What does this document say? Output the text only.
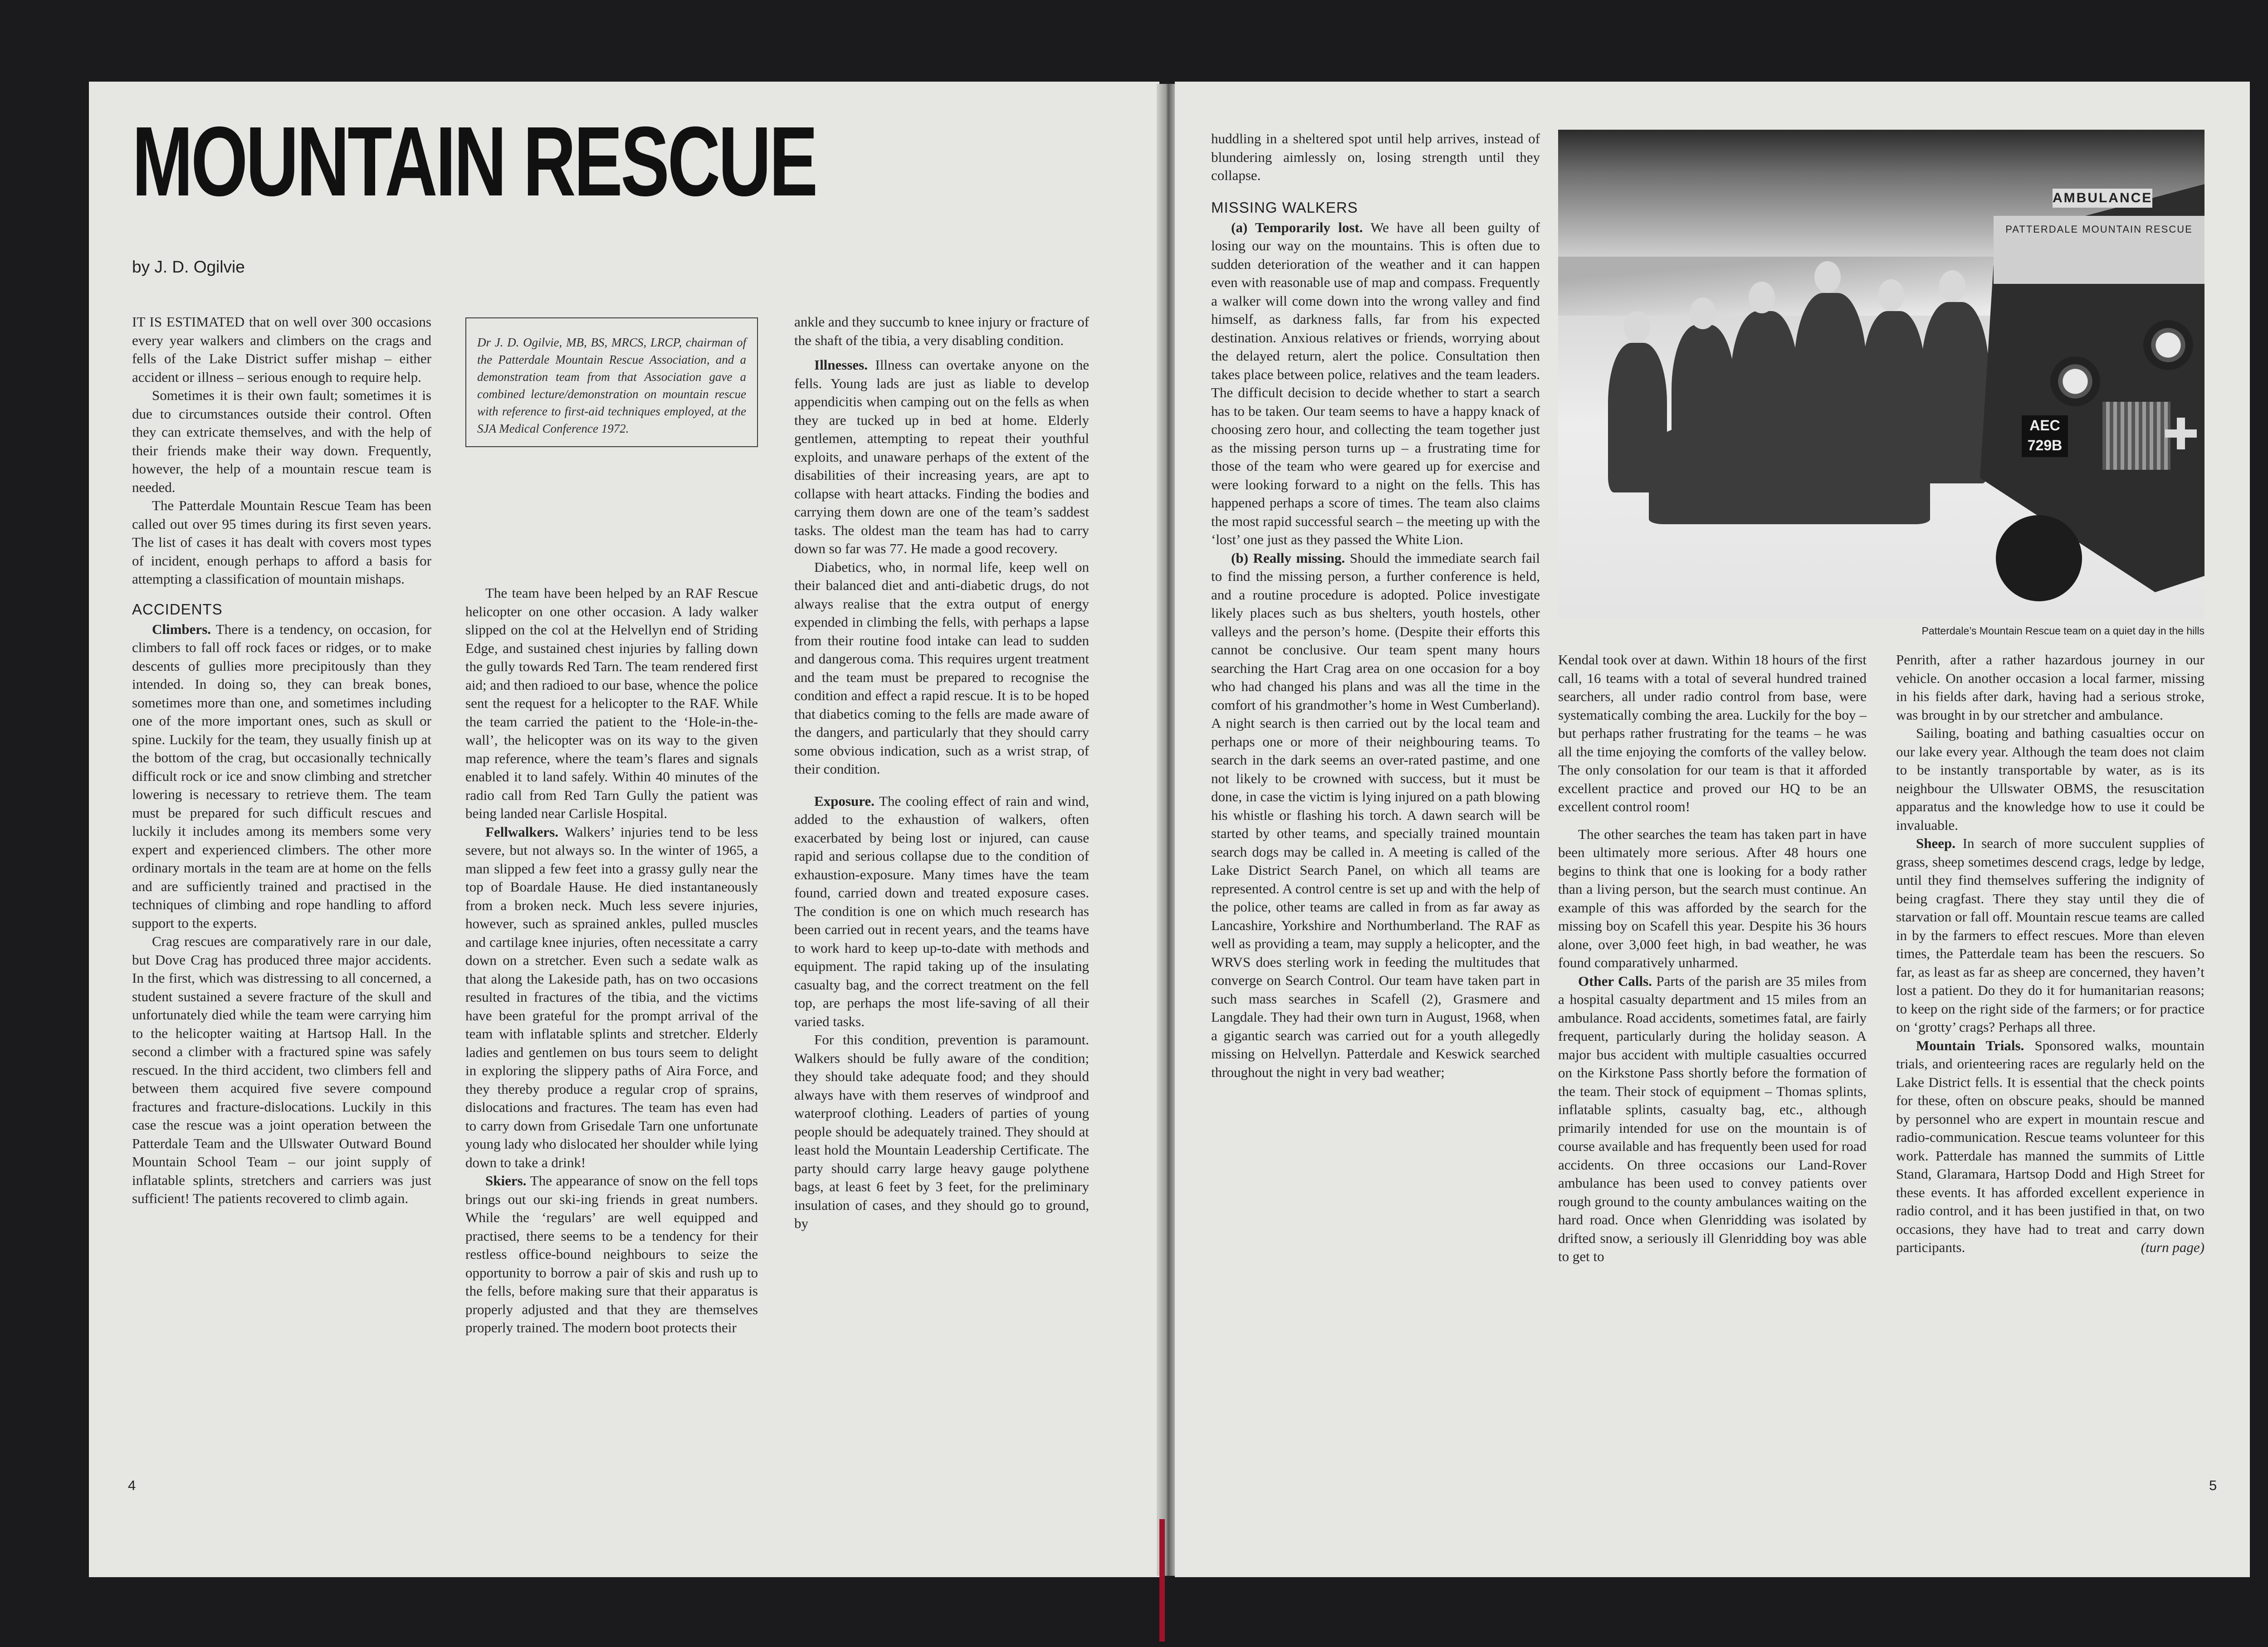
MOUNTAIN RESCUE

by J. D. Ogilvie

IT IS ESTIMATED that on well over 300 occasions every year walkers and climbers on the crags and fells of the Lake District suffer mishap – either accident or illness – serious enough to require help.

Sometimes it is their own fault; sometimes it is due to circumstances outside their control. Often they can extricate themselves, and with the help of their friends make their way down. Frequently, however, the help of a mountain rescue team is needed.

The Patterdale Mountain Rescue Team has been called out over 95 times during its first seven years. The list of cases it has dealt with covers most types of incident, enough perhaps to afford a basis for attempting a classification of mountain mishaps.

ACCIDENTS

Climbers. There is a tendency, on occasion, for climbers to fall off rock faces or ridges, or to make descents of gullies more precipitously than they intended. In doing so, they can break bones, sometimes more than one, and sometimes including one of the more important ones, such as skull or spine. Luckily for the team, they usually finish up at the bottom of the crag, but occasionally technically difficult rock or ice and snow climbing and stretcher lowering is necessary to retrieve them. The team must be prepared for such difficult rescues and luckily it includes among its members some very expert and experienced climbers. The other more ordinary mortals in the team are at home on the fells and are sufficiently trained and practised in the techniques of climbing and rope handling to afford support to the experts.

Crag rescues are comparatively rare in our dale, but Dove Crag has produced three major accidents. In the first, which was distressing to all concerned, a student sustained a severe fracture of the skull and unfortunately died while the team were carrying him to the helicopter waiting at Hartsop Hall. In the second a climber with a fractured spine was safely rescued. In the third accident, two climbers fell and between them acquired five severe compound fractures and fracture-dislocations. Luckily in this case the rescue was a joint operation between the Patterdale Team and the Ullswater Outward Bound Mountain School Team – our joint supply of inflatable splints, stretchers and carriers was just sufficient! The patients recovered to climb again.

Dr J. D. Ogilvie, MB, BS, MRCS, LRCP, chairman of the Patterdale Mountain Rescue Association, and a demonstration team from that Association gave a combined lecture/demonstration on mountain rescue with reference to first-aid techniques employed, at the SJA Medical Conference 1972.

The team have been helped by an RAF Rescue helicopter on one other occasion. A lady walker slipped on the col at the Helvellyn end of Striding Edge, and sustained chest injuries by falling down the gully towards Red Tarn. The team rendered first aid; and then radioed to our base, whence the police sent the request for a helicopter to the RAF. While the team carried the patient to the ‘Hole-in-the-wall’, the helicopter was on its way to the given map reference, where the team’s flares and signals enabled it to land safely. Within 40 minutes of the radio call from Red Tarn Gully the patient was being landed near Carlisle Hospital.

Fellwalkers. Walkers’ injuries tend to be less severe, but not always so. In the winter of 1965, a man slipped a few feet into a grassy gully near the top of Boardale Hause. He died instantaneously from a broken neck. Much less severe injuries, however, such as sprained ankles, pulled muscles and cartilage knee injuries, often necessitate a carry down on a stretcher. Even such a sedate walk as that along the Lakeside path, has on two occasions resulted in fractures of the tibia, and the victims have been grateful for the prompt arrival of the team with inflatable splints and stretcher. Elderly ladies and gentlemen on bus tours seem to delight in exploring the slippery paths of Aira Force, and they thereby produce a regular crop of sprains, dislocations and fractures. The team has even had to carry down from Grisedale Tarn one unfortunate young lady who dislocated her shoulder while lying down to take a drink!

Skiers. The appearance of snow on the fell tops brings out our ski-ing friends in great numbers. While the ‘regulars’ are well equipped and practised, there seems to be a tendency for their restless office-bound neighbours to seize the opportunity to borrow a pair of skis and rush up to the fells, before making sure that their apparatus is properly adjusted and that they are themselves properly trained. The modern boot protects their

ankle and they succumb to knee injury or fracture of the shaft of the tibia, a very disabling condition.

Illnesses. Illness can overtake anyone on the fells. Young lads are just as liable to develop appendicitis when camping out on the fells as when they are tucked up in bed at home. Elderly gentlemen, attempting to repeat their youthful exploits, and unaware perhaps of the extent of the disabilities of their increasing years, are apt to collapse with heart attacks. Finding the bodies and carrying them down are one of the team’s saddest tasks. The oldest man the team has had to carry down so far was 77. He made a good recovery.

Diabetics, who, in normal life, keep well on their balanced diet and anti-diabetic drugs, do not always realise that the extra output of energy expended in climbing the fells, with perhaps a lapse from their routine food intake can lead to sudden and dangerous coma. This requires urgent treatment and the team must be prepared to recognise the condition and effect a rapid rescue. It is to be hoped that diabetics coming to the fells are made aware of the dangers, and particularly that they should carry some obvious indication, such as a wrist strap, of their condition.

Exposure. The cooling effect of rain and wind, added to the exhaustion of walkers, often exacerbated by being lost or injured, can cause rapid and serious collapse due to the condition of exhaustion-exposure. Many times have the team found, carried down and treated exposure cases. The condition is one on which much research has been carried out in recent years, and the teams have to work hard to keep up-to-date with methods and equipment. The rapid taking up of the insulating casualty bag, and the correct treatment on the fell top, are perhaps the most life-saving of all their varied tasks.

For this condition, prevention is paramount. Walkers should be fully aware of the condition; they should take adequate food; and they should always have with them reserves of windproof and waterproof clothing. Leaders of parties of young people should be adequately trained. They should at least hold the Mountain Leadership Certificate. The party should carry large heavy gauge polythene bags, at least 6 feet by 3 feet, for the preliminary insulation of cases, and they should go to ground, by

4

huddling in a sheltered spot until help arrives, instead of blundering aimlessly on, losing strength until they collapse.

MISSING WALKERS

(a) Temporarily lost. We have all been guilty of losing our way on the mountains. This is often due to sudden deterioration of the weather and it can happen even with reasonable use of map and compass. Frequently a walker will come down into the wrong valley and find himself, as darkness falls, far from his expected destination. Anxious relatives or friends, worrying about the delayed return, alert the police. Consultation then takes place between police, relatives and the team leaders. The difficult decision to decide whether to start a search has to be taken. Our team seems to have a happy knack of choosing zero hour, and collecting the team together just as the missing person turns up – a frustrating time for those of the team who were geared up for exercise and were looking forward to a night on the fells. This has happened perhaps a score of times. The team also claims the most rapid successful search – the meeting up with the ‘lost’ one just as they passed the White Lion.

(b) Really missing. Should the immediate search fail to find the missing person, a further conference is held, and a routine procedure is adopted. Police investigate likely places such as bus shelters, youth hostels, other valleys and the person’s home. (Despite their efforts this cannot be conclusive. Our team spent many hours searching the Hart Crag area on one occasion for a boy who had changed his plans and was all the time in the comfort of his grandmother’s home in West Cumberland). A night search is then carried out by the local team and perhaps one or more of their neighbouring teams. To search in the dark seems an over-rated pastime, and one not likely to be crowned with success, but it must be done, in case the victim is lying injured on a path blowing his whistle or flashing his torch. A dawn search will be started by other teams, and specially trained mountain search dogs may be called in. A meeting is called of the Lake District Search Panel, on which all teams are represented. A control centre is set up and with the help of the police, other teams are called in from as far away as Lancashire, Yorkshire and Northumberland. The RAF as well as providing a team, may supply a helicopter, and the WRVS does sterling work in feeding the multitudes that converge on Search Control. Our team have taken part in such mass searches in Scafell (2), Grasmere and Langdale. They had their own turn in August, 1968, when a gigantic search was carried out for a youth allegedly missing on Helvellyn. Patterdale and Keswick searched throughout the night in very bad weather;

AMBULANCE
PATTERDALE MOUNTAIN RESCUE
AEC 729B

Patterdale’s Mountain Rescue team on a quiet day in the hills

Kendal took over at dawn. Within 18 hours of the first call, 16 teams with a total of several hundred trained searchers, all under radio control from base, were systematically combing the area. Luckily for the boy – but perhaps rather frustrating for the teams – he was all the time enjoying the comforts of the valley below. The only consolation for our team is that it afforded excellent practice and proved our HQ to be an excellent control room!

The other searches the team has taken part in have been ultimately more serious. After 48 hours one begins to think that one is looking for a body rather than a living person, but the search must continue. An example of this was afforded by the search for the missing boy on Scafell this year. Despite his 36 hours alone, over 3,000 feet high, in bad weather, he was found comparatively unharmed.

Other Calls. Parts of the parish are 35 miles from a hospital casualty department and 15 miles from an ambulance. Road accidents, sometimes fatal, are fairly frequent, particularly during the holiday season. A major bus accident with multiple casualties occurred on the Kirkstone Pass shortly before the formation of the team. Their stock of equipment – Thomas splints, inflatable splints, casualty bag, etc., although primarily intended for use on the mountain is of course available and has frequently been used for road accidents. On three occasions our Land-Rover ambulance has been used to convey patients over rough ground to the county ambulances waiting on the hard road. Once when Glenridding was isolated by drifted snow, a seriously ill Glenridding boy was able to get to

Penrith, after a rather hazardous journey in our vehicle. On another occasion a local farmer, missing in his fields after dark, having had a serious stroke, was brought in by our stretcher and ambulance.

Sailing, boating and bathing casualties occur on our lake every year. Although the team does not claim to be instantly transportable by water, as is its neighbour the Ullswater OBMS, the resuscitation apparatus and the knowledge how to use it could be invaluable.

Sheep. In search of more succulent supplies of grass, sheep sometimes descend crags, ledge by ledge, until they find themselves suffering the indignity of being cragfast. There they stay until they die of starvation or fall off. Mountain rescue teams are called in by the farmers to effect rescues. More than eleven times, the Patterdale team has been the rescuers. So far, as least as far as sheep are concerned, they haven’t lost a patient. Do they do it for humanitarian reasons; to keep on the right side of the farmers; or for practice on ‘grotty’ crags? Perhaps all three.

Mountain Trials. Sponsored walks, mountain trials, and orienteering races are regularly held on the Lake District fells. It is essential that the check points for these, often on obscure peaks, should be manned by personnel who are expert in mountain rescue and radio-communication. Rescue teams volunteer for this work. Patterdale has manned the summits of Little Stand, Glaramara, Hartsop Dodd and High Street for these events. It has afforded excellent experience in radio control, and it has been justified in that, on two occasions, they have had to treat and carry down participants.	(turn page)

5
